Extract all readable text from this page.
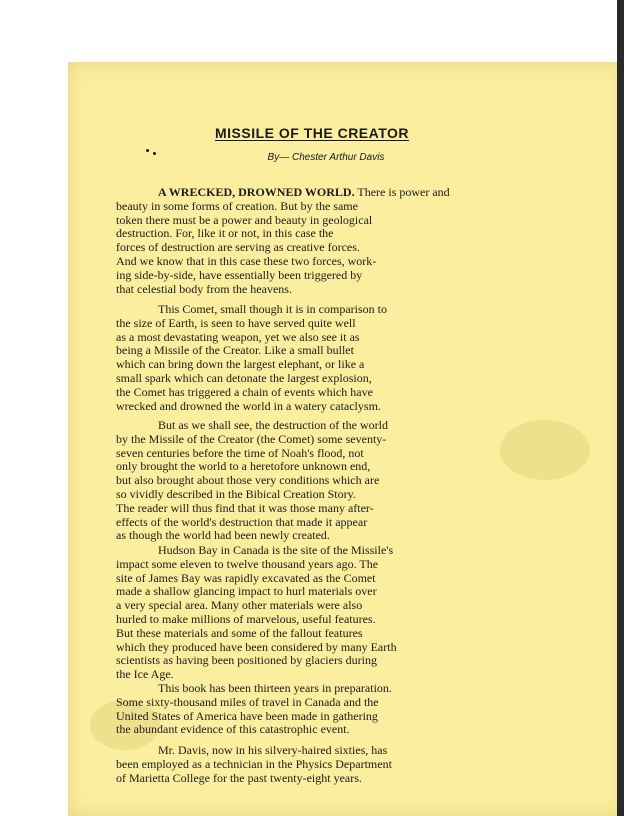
MISSILE OF THE CREATOR
By— Chester Arthur Davis

A WRECKED, DROWNED WORLD. There is power and
beauty in some forms of creation. But by the same
token there must be a power and beauty in geological
destruction. For, like it or not, in this case the
forces of destruction are serving as creative forces.
And we know that in this case these two forces, work-
ing side-by-side, have essentially been triggered by
that celestial body from the heavens.

This Comet, small though it is in comparison to
the size of Earth, is seen to have served quite well
as a most devastating weapon, yet we also see it as
being a Missile of the Creator. Like a small bullet
which can bring down the largest elephant, or like a
small spark which can detonate the largest explosion,
the Comet has triggered a chain of events which have
wrecked and drowned the world in a watery cataclysm.

But as we shall see, the destruction of the world
by the Missile of the Creator (the Comet) some seventy-
seven centuries before the time of Noah's flood, not
only brought the world to a heretofore unknown end,
but also brought about those very conditions which are
so vividly described in the Bibical Creation Story.
The reader will thus find that it was those many after-
effects of the world's destruction that made it appear
as though the world had been newly created.

Hudson Bay in Canada is the site of the Missile's
impact some eleven to twelve thousand years ago. The
site of James Bay was rapidly excavated as the Comet
made a shallow glancing impact to hurl materials over
a very special area. Many other materials were also
hurled to make millions of marvelous, useful features.
But these materials and some of the fallout features
which they produced have been considered by many Earth
scientists as having been positioned by glaciers during
the Ice Age.

This book has been thirteen years in preparation.
Some sixty-thousand miles of travel in Canada and the
United States of America have been made in gathering
the abundant evidence of this catastrophic event.

Mr. Davis, now in his silvery-haired sixties, has
been employed as a technician in the Physics Department
of Marietta College for the past twenty-eight years.
